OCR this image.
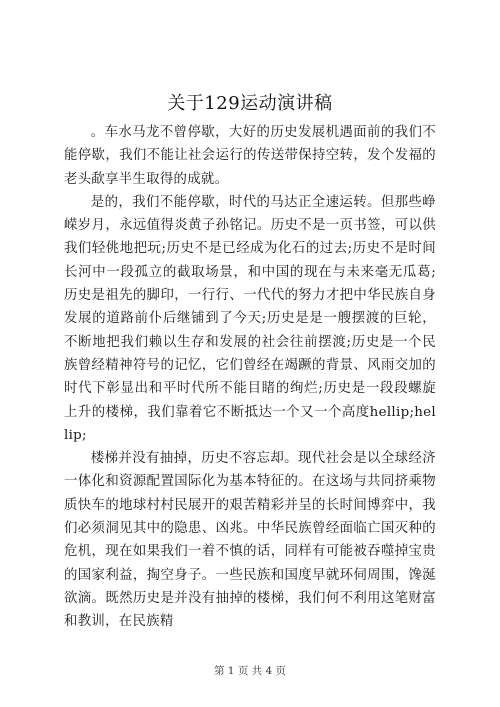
关于129运动演讲稿

。车水马龙不曾停歇，大好的历史发展机遇面前的我们不能停歇，我们不能让社会运行的传送带保持空转，发个发福的老头歃享半生取得的成就。

是的，我们不能停歇，时代的马达正全速运转。但那些峥嵘岁月，永远值得炎黄子孙铭记。历史不是一页书签，可以供我们轻佻地把玩;历史不是已经成为化石的过去;历史不是时间长河中一段孤立的截取场景，和中国的现在与未来毫无瓜葛;历史是祖先的脚印，一行行、一代代的努力才把中华民族自身发展的道路前仆后继铺到了今天;历史是是一艘摆渡的巨轮，不断地把我们赖以生存和发展的社会往前摆渡;历史是一个民族曾经精神符号的记忆，它们曾经在竭蹶的背景、风雨交加的时代下彰显出和平时代所不能目睹的绚烂;历史是一段段螺旋上升的楼梯，我们靠着它不断抵达一个又一个高度hellip;hellip;

楼梯并没有抽掉，历史不容忘却。现代社会是以全球经济一体化和资源配置国际化为基本特征的。在这场与共同挤乘物质快车的地球村村民展开的艰苦精彩并呈的长时间博弈中，我们必须洞见其中的隐患、凶兆。中华民族曾经面临亡国灭种的危机，现在如果我们一着不慎的话，同样有可能被吞噬掉宝贵的国家利益，掏空身子。一些民族和国度早就环伺周围，馋涎欲滴。既然历史是并没有抽掉的楼梯，我们何不利用这笔财富和教训，在民族精

第 1 页 共 4 页
